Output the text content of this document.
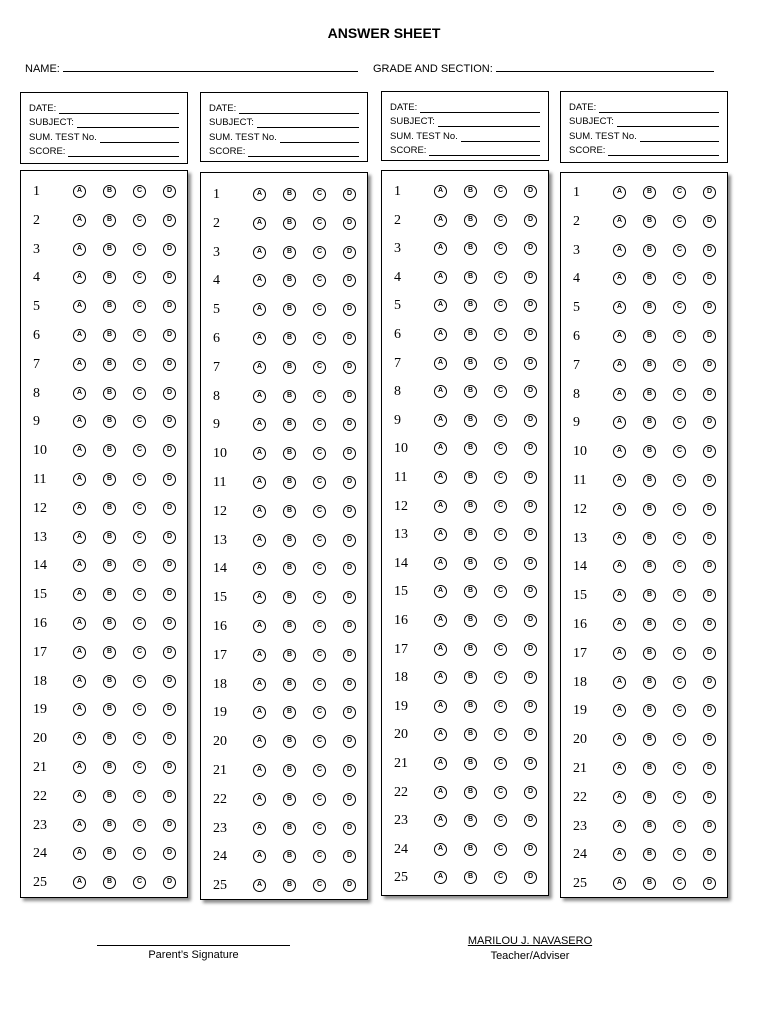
ANSWER SHEET
NAME:	GRADE AND SECTION:
DATE:
SUBJECT:
SUM. TEST No.
SCORE:
DATE:
SUBJECT:
SUM. TEST No.
SCORE:
DATE:
SUBJECT:
SUM. TEST No.
SCORE:
DATE:
SUBJECT:
SUM. TEST No.
SCORE:
1	A	B	C	D
2	A	B	C	D
3	A	B	C	D
4	A	B	C	D
5	A	B	C	D
6	A	B	C	D
7	A	B	C	D
8	A	B	C	D
9	A	B	C	D
10	A	B	C	D
11	A	B	C	D
12	A	B	C	D
13	A	B	C	D
14	A	B	C	D
15	A	B	C	D
16	A	B	C	D
17	A	B	C	D
18	A	B	C	D
19	A	B	C	D
20	A	B	C	D
21	A	B	C	D
22	A	B	C	D
23	A	B	C	D
24	A	B	C	D
25	A	B	C	D
1	A	B	C	D
2	A	B	C	D
3	A	B	C	D
4	A	B	C	D
5	A	B	C	D
6	A	B	C	D
7	A	B	C	D
8	A	B	C	D
9	A	B	C	D
10	A	B	C	D
11	A	B	C	D
12	A	B	C	D
13	A	B	C	D
14	A	B	C	D
15	A	B	C	D
16	A	B	C	D
17	A	B	C	D
18	A	B	C	D
19	A	B	C	D
20	A	B	C	D
21	A	B	C	D
22	A	B	C	D
23	A	B	C	D
24	A	B	C	D
25	A	B	C	D
1	A	B	C	D
2	A	B	C	D
3	A	B	C	D
4	A	B	C	D
5	A	B	C	D
6	A	B	C	D
7	A	B	C	D
8	A	B	C	D
9	A	B	C	D
10	A	B	C	D
11	A	B	C	D
12	A	B	C	D
13	A	B	C	D
14	A	B	C	D
15	A	B	C	D
16	A	B	C	D
17	A	B	C	D
18	A	B	C	D
19	A	B	C	D
20	A	B	C	D
21	A	B	C	D
22	A	B	C	D
23	A	B	C	D
24	A	B	C	D
25	A	B	C	D
1	A	B	C	D
2	A	B	C	D
3	A	B	C	D
4	A	B	C	D
5	A	B	C	D
6	A	B	C	D
7	A	B	C	D
8	A	B	C	D
9	A	B	C	D
10	A	B	C	D
11	A	B	C	D
12	A	B	C	D
13	A	B	C	D
14	A	B	C	D
15	A	B	C	D
16	A	B	C	D
17	A	B	C	D
18	A	B	C	D
19	A	B	C	D
20	A	B	C	D
21	A	B	C	D
22	A	B	C	D
23	A	B	C	D
24	A	B	C	D
25	A	B	C	D
Parent’s Signature
MARILOU J. NAVASERO
Teacher/Adviser
